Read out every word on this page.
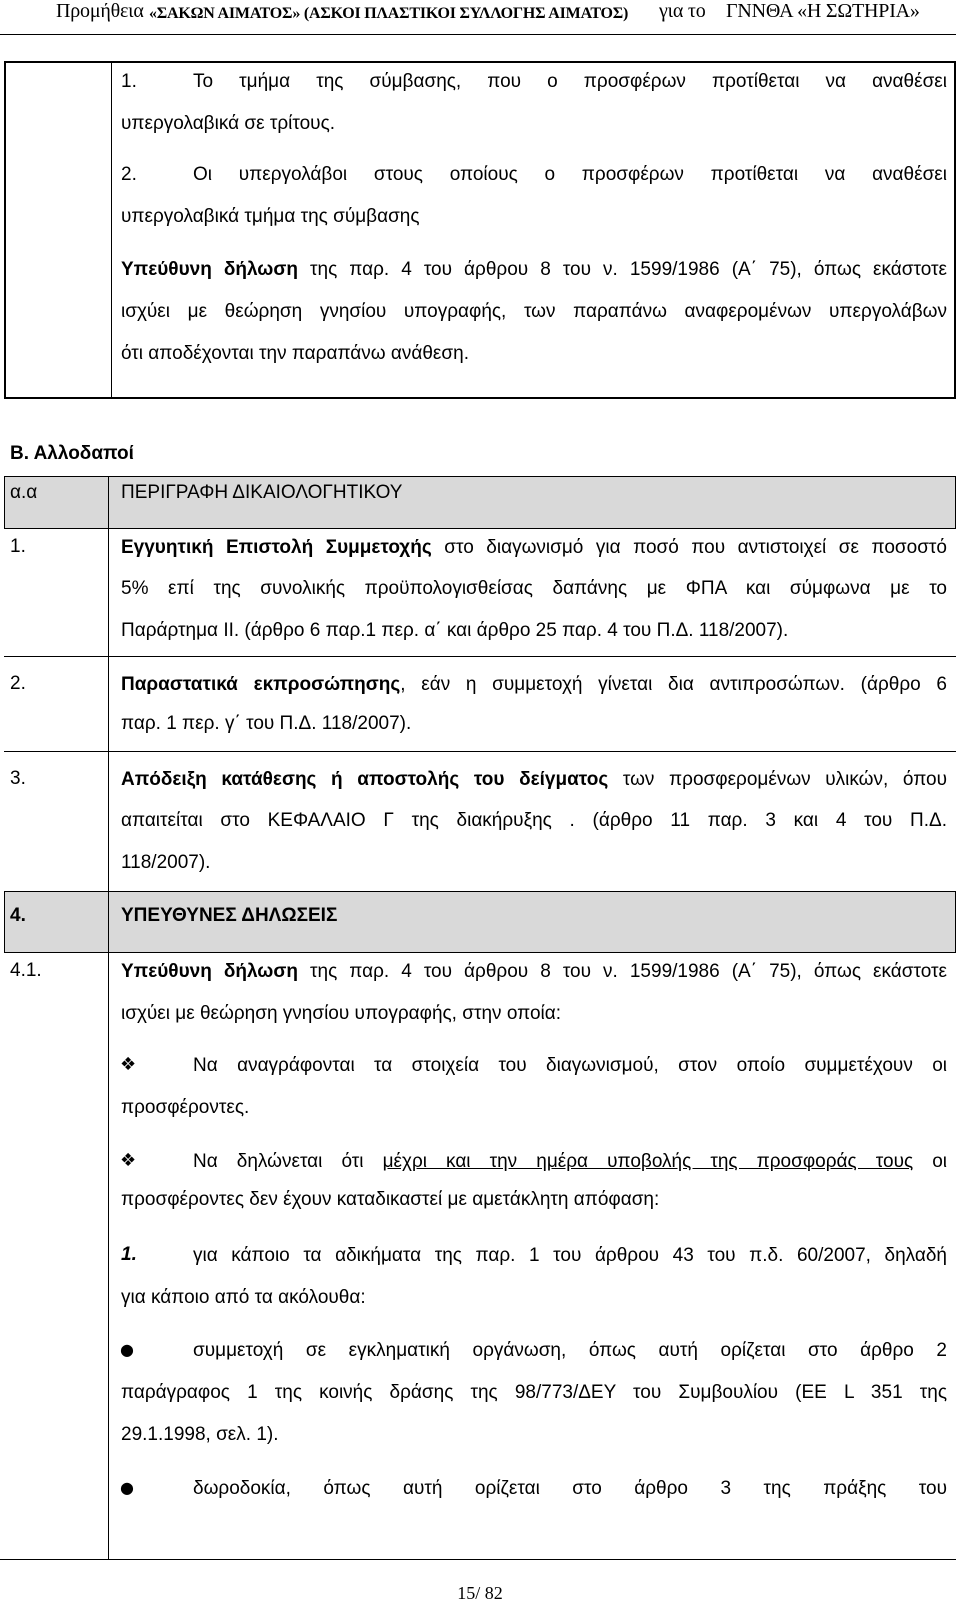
Προμήθεια «ΣΑΚΩΝ ΑΙΜΑΤΟΣ» (ΑΣΚΟΙ ΠΛΑΣΤΙΚΟΙ ΣΥΛΛΟΓΗΣ ΑΙΜΑΤΟΣ) για το ΓΝΝΘΑ «Η ΣΩΤΗΡΙΑ»
1.	Το τμήμα της σύμβασης, που ο προσφέρων προτίθεται να αναθέσει
υπεργολαβικά σε τρίτους.
2.	Οι υπεργολάβοι στους οποίους ο προσφέρων προτίθεται να αναθέσει
υπεργολαβικά τμήμα της σύμβασης
Υπεύθυνη δήλωση της παρ. 4 του άρθρου 8 του ν. 1599/1986 (Α΄ 75), όπως εκάστοτε
ισχύει με θεώρηση γνησίου υπογραφής, των παραπάνω αναφερομένων υπεργολάβων
ότι αποδέχονται την παραπάνω ανάθεση.
Β. Αλλοδαποί
α.α	ΠΕΡΙΓΡΑΦΗ ΔΙΚΑΙΟΛΟΓΗΤΙΚΟΥ
1.	Εγγυητική Επιστολή Συμμετοχής στο διαγωνισμό για ποσό που αντιστοιχεί σε ποσοστό
5% επί της συνολικής προϋπολογισθείσας δαπάνης με ΦΠΑ και σύμφωνα με το
Παράρτημα ΙΙ. (άρθρο 6 παρ.1 περ. α΄ και άρθρο 25 παρ. 4 του Π.Δ. 118/2007).
2.	Παραστατικά εκπροσώπησης, εάν η συμμετοχή γίνεται δια αντιπροσώπων. (άρθρο 6
παρ. 1 περ. γ΄ του Π.Δ. 118/2007).
3.	Απόδειξη κατάθεσης ή αποστολής του δείγματος των προσφερομένων υλικών, όπου
απαιτείται στο ΚΕΦΑΛΑΙΟ Γ της διακήρυξης . (άρθρο 11 παρ. 3 και 4 του Π.Δ.
118/2007).
4.	ΥΠΕΥΘΥΝΕΣ ΔΗΛΩΣΕΙΣ
4.1.	Υπεύθυνη δήλωση της παρ. 4 του άρθρου 8 του ν. 1599/1986 (Α΄ 75), όπως εκάστοτε
ισχύει με θεώρηση γνησίου υπογραφής, στην οποία:
❖	Να αναγράφονται τα στοιχεία του διαγωνισμού, στον οποίο συμμετέχουν οι
προσφέροντες.
❖	Να δηλώνεται ότι μέχρι και την ημέρα υποβολής της προσφοράς τους οι
προσφέροντες δεν έχουν καταδικαστεί με αμετάκλητη απόφαση:
1.	για κάποιο τα αδικήματα της παρ. 1 του άρθρου 43 του π.δ. 60/2007, δηλαδή
για κάποιο από τα ακόλουθα:
●	συμμετοχή σε εγκληματική οργάνωση, όπως αυτή ορίζεται στο άρθρο 2
παράγραφος 1 της κοινής δράσης της 98/773/ΔΕΥ του Συμβουλίου (ΕΕ L 351 της
29.1.1998, σελ. 1).
●	δωροδοκία, όπως αυτή ορίζεται στο άρθρο 3 της πράξης του
15/ 82
